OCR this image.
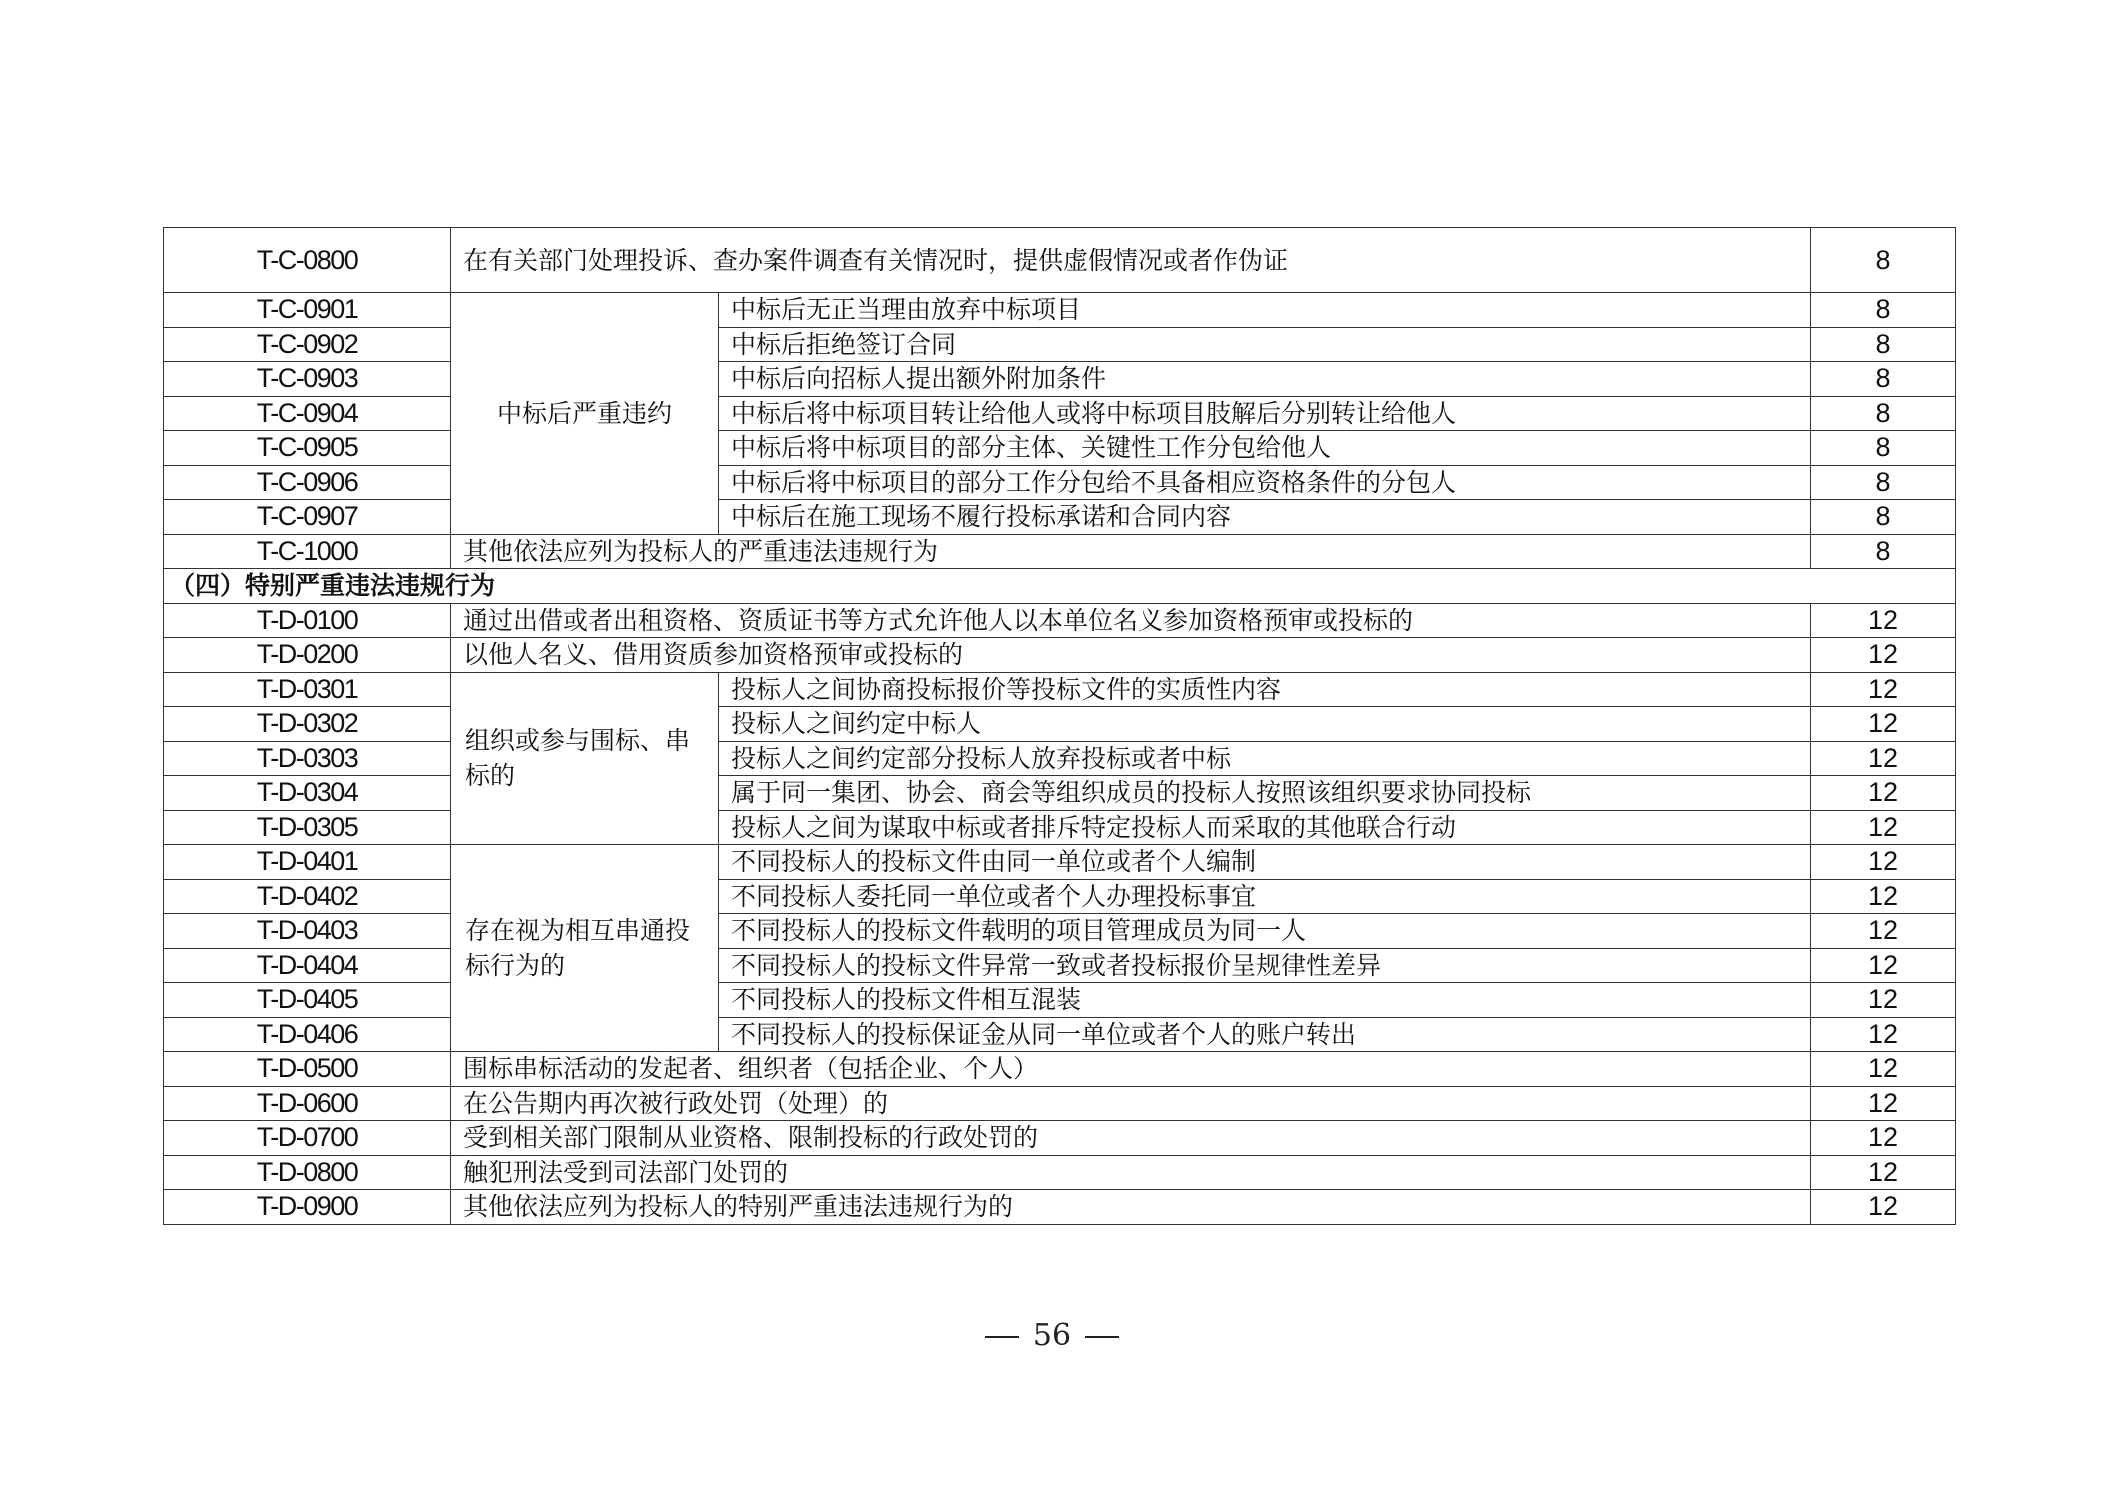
T-C-0800	在有关部门处理投诉、查办案件调查有关情况时，提供虚假情况或者作伪证		8
T-C-0901	中标后严重违约	中标后无正当理由放弃中标项目	8
T-C-0902		中标后拒绝签订合同	8
T-C-0903		中标后向招标人提出额外附加条件	8
T-C-0904		中标后将中标项目转让给他人或将中标项目肢解后分别转让给他人	8
T-C-0905		中标后将中标项目的部分主体、关键性工作分包给他人	8
T-C-0906		中标后将中标项目的部分工作分包给不具备相应资格条件的分包人	8
T-C-0907		中标后在施工现场不履行投标承诺和合同内容	8
T-C-1000	其他依法应列为投标人的严重违法违规行为		8
（四）特别严重违法违规行为			
T-D-0100	通过出借或者出租资格、资质证书等方式允许他人以本单位名义参加资格预审或投标的		12
T-D-0200	以他人名义、借用资质参加资格预审或投标的		12
T-D-0301	组织或参与围标、串标的	投标人之间协商投标报价等投标文件的实质性内容	12
T-D-0302		投标人之间约定中标人	12
T-D-0303		投标人之间约定部分投标人放弃投标或者中标	12
T-D-0304		属于同一集团、协会、商会等组织成员的投标人按照该组织要求协同投标	12
T-D-0305		投标人之间为谋取中标或者排斥特定投标人而采取的其他联合行动	12
T-D-0401	存在视为相互串通投标行为的	不同投标人的投标文件由同一单位或者个人编制	12
T-D-0402		不同投标人委托同一单位或者个人办理投标事宜	12
T-D-0403		不同投标人的投标文件载明的项目管理成员为同一人	12
T-D-0404		不同投标人的投标文件异常一致或者投标报价呈规律性差异	12
T-D-0405		不同投标人的投标文件相互混装	12
T-D-0406		不同投标人的投标保证金从同一单位或者个人的账户转出	12
T-D-0500	围标串标活动的发起者、组织者（包括企业、个人）		12
T-D-0600	在公告期内再次被行政处罚（处理）的		12
T-D-0700	受到相关部门限制从业资格、限制投标的行政处罚的		12
T-D-0800	触犯刑法受到司法部门处罚的		12
T-D-0900	其他依法应列为投标人的特别严重违法违规行为的		12
56
